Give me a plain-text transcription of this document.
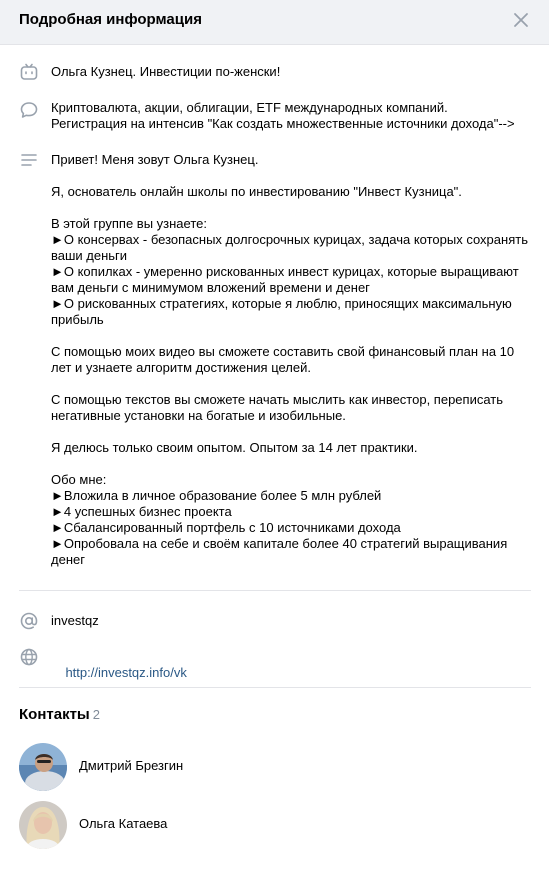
Подробная информация
Ольга Кузнец. Инвестиции по-женски!
Криптовалюта, акции, облигации, ETF международных компаний.
Регистрация на интенсив "Как создать множественные источники дохода"-->

Привет! Меня зовут Ольга Кузнец.

Я, основатель онлайн школы по инвестированию "Инвест Кузница".

В этой группе вы узнаете:

►О консервах - безопасных долгосрочных курицах, задача которых сохранять ваши деньги

►О копилках - умеренно рискованных инвест курицах, которые выращивают вам деньги с минимумом вложений времени и денег

►О рискованных стратегиях, которые я люблю, приносящих максимальную прибыль

С помощью моих видео вы сможете составить свой финансовый план на 10 лет и узнаете алгоритм достижения целей.

С помощью текстов вы сможете начать мыслить как инвестор, переписать негативные установки на богатые и изобильные.

Я делюсь только своим опытом. Опытом за 14 лет практики.

Обо мне:

►Вложила в личное образование более 5 млн рублей

►4 успешных бизнес проекта

►Сбалансированный портфель с 10 источниками дохода

►Опробовала на себе и своём капитале более 40 стратегий выращивания денег

investqz

http://investqz.info/vk

Контакты 2
Дмитрий Брезгин
Ольга Катаева
